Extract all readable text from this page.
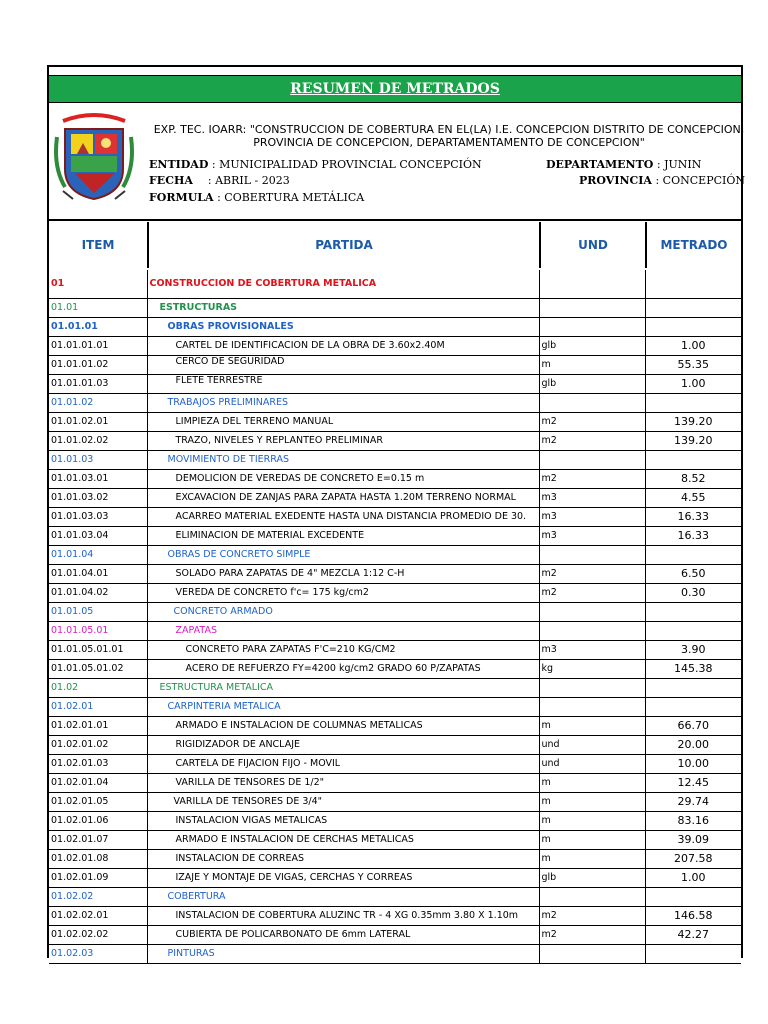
RESUMEN DE METRADOS
EXP. TEC. IOARR: "CONSTRUCCION DE COBERTURA EN EL(LA) I.E. CONCEPCION DISTRITO DE CONCEPCION,
PROVINCIA DE CONCEPCION, DEPARTAMENTAMENTO DE CONCEPCION"
ENTIDAD : MUNICIPALIDAD PROVINCIAL CONCEPCIÓN
FECHA : ABRIL - 2023
FORMULA : COBERTURA METÁLICA
DEPARTAMENTO : JUNIN
PROVINCIA : CONCEPCIÓN
ITEM	PARTIDA	UND	METRADO
01	CONSTRUCCION DE COBERTURA METALICA		
01.01	ESTRUCTURAS		
01.01.01	OBRAS PROVISIONALES		
01.01.01.01	CARTEL DE IDENTIFICACION DE LA OBRA DE 3.60x2.40M	glb	1.00
01.01.01.02	CERCO DE SEGURIDAD	m	55.35
01.01.01.03	FLETE TERRESTRE	glb	1.00
01.01.02	TRABAJOS PRELIMINARES		
01.01.02.01	LIMPIEZA DEL TERRENO MANUAL	m2	139.20
01.01.02.02	TRAZO, NIVELES Y REPLANTEO PRELIMINAR	m2	139.20
01.01.03	MOVIMIENTO DE TIERRAS		
01.01.03.01	DEMOLICION DE VEREDAS DE CONCRETO E=0.15 m	m2	8.52
01.01.03.02	EXCAVACION DE ZANJAS PARA ZAPATA HASTA 1.20M TERRENO NORMAL	m3	4.55
01.01.03.03	ACARREO MATERIAL EXEDENTE HASTA UNA DISTANCIA PROMEDIO DE 30.	m3	16.33
01.01.03.04	ELIMINACION DE MATERIAL EXCEDENTE	m3	16.33
01.01.04	OBRAS DE CONCRETO SIMPLE		
01.01.04.01	SOLADO PARA ZAPATAS DE 4" MEZCLA 1:12 C-H	m2	6.50
01.01.04.02	VEREDA DE CONCRETO f'c= 175 kg/cm2	m2	0.30
01.01.05	CONCRETO ARMADO		
01.01.05.01	ZAPATAS		
01.01.05.01.01	CONCRETO PARA ZAPATAS F'C=210 KG/CM2	m3	3.90
01.01.05.01.02	ACERO DE REFUERZO FY=4200 kg/cm2 GRADO 60 P/ZAPATAS	kg	145.38
01.02	ESTRUCTURA METALICA		
01.02.01	CARPINTERIA METALICA		
01.02.01.01	ARMADO E INSTALACION DE COLUMNAS METALICAS	m	66.70
01.02.01.02	RIGIDIZADOR DE ANCLAJE	und	20.00
01.02.01.03	CARTELA DE FIJACION FIJO - MOVIL	und	10.00
01.02.01.04	VARILLA DE TENSORES DE 1/2"	m	12.45
01.02.01.05	VARILLA DE TENSORES DE 3/4"	m	29.74
01.02.01.06	INSTALACION VIGAS METALICAS	m	83.16
01.02.01.07	ARMADO E INSTALACION DE CERCHAS METALICAS	m	39.09
01.02.01.08	INSTALACION DE CORREAS	m	207.58
01.02.01.09	IZAJE Y MONTAJE DE VIGAS, CERCHAS Y CORREAS	glb	1.00
01.02.02	COBERTURA		
01.02.02.01	INSTALACION DE COBERTURA ALUZINC TR - 4 XG 0.35mm 3.80 X 1.10m	m2	146.58
01.02.02.02	CUBIERTA DE POLICARBONATO DE 6mm LATERAL	m2	42.27
01.02.03	PINTURAS		
